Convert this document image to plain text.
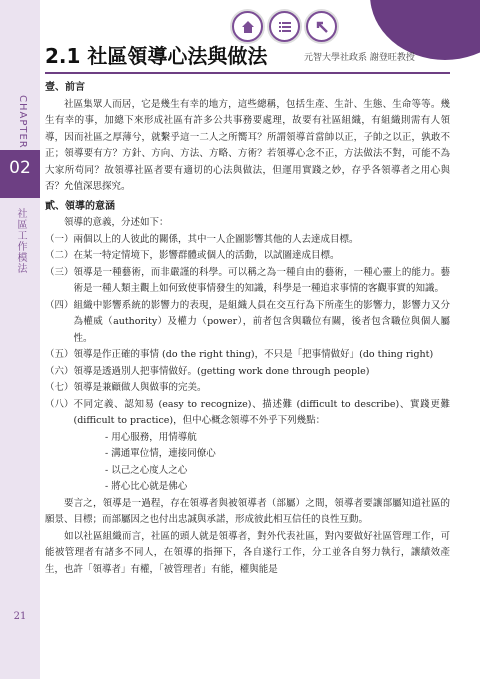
CHAPTER
02
社區工作模法
21
2.1 社區領導心法與做法	元智大學社政系 謝登旺教授
壹、前言
社區集眾人而居，它是幾生有幸的地方，這些總稱，包括生產、生計、生態、生命等等。幾生有幸的事，加總下來形成社區有許多公共事務要處理，故要有社區組織，有組織則需有人領導，因而社區之厚薄兮，就繫乎這一二人之所嚮耳？所謂領導首當帥以正，子帥之以正，孰敢不正；領導要有方？方針、方向、方法、方略、方術？若領導心念不正，方法做法不對，可能不為大家所苟同？故領導社區者要有適切的心法與做法，但運用實踐之妙，存乎各領導者之用心與否？允值深思探究。
貳、領導的意涵
領導的意義，分述如下：
（一） 兩個以上的人彼此的關係，其中一人企圖影響其他的人去達成目標。
（二） 在某一特定情境下，影響群體或個人的活動，以試圖達成目標。
（三） 領導是一種藝術，而非嚴謹的科學。可以稱之為一種自由的藝術，一種心靈上的能力。藝術是一種人類主觀上如何致使事情發生的知識，科學是一種追求事情的客觀事實的知識。
（四） 組織中影響系統的影響力的表現，是組織人員在交互行為下所產生的影響力，影響力又分為權威（authority）及權力（power），前者包含與職位有關，後者包含職位與個人屬性。
（五） 領導是作正確的事情 (do the right thing)，不只是「把事情做好」(do thing right)
（六） 領導是透過別人把事情做好。(getting work done through people)
（七） 領導是兼顧做人與做事的完美。
（八） 不同定義、認知易 (easy to recognize)、描述難 (difficult to describe)、實踐更難 (difficult to practice)，但中心概念領導不外乎下列幾點：
- 用心服務，用情導航
- 溝通單位情，連接同僚心
- 以己之心度人之心
- 將心比心就是佛心
要言之，領導是一過程，存在領導者與被領導者（部屬）之間，領導者要讓部屬知道社區的願景、目標；而部屬因之也付出忠誠與承諾，形成彼此相互信任的良性互動。
如以社區組織而言，社區的頭人就是領導者，對外代表社區，對內要做好社區管理工作，可能被管理者有諸多不同人，在領導的指揮下，各自遂行工作，分工並各自努力執行，讓績效產生，也許「領導者」有權，「被管理者」有能，權與能是
